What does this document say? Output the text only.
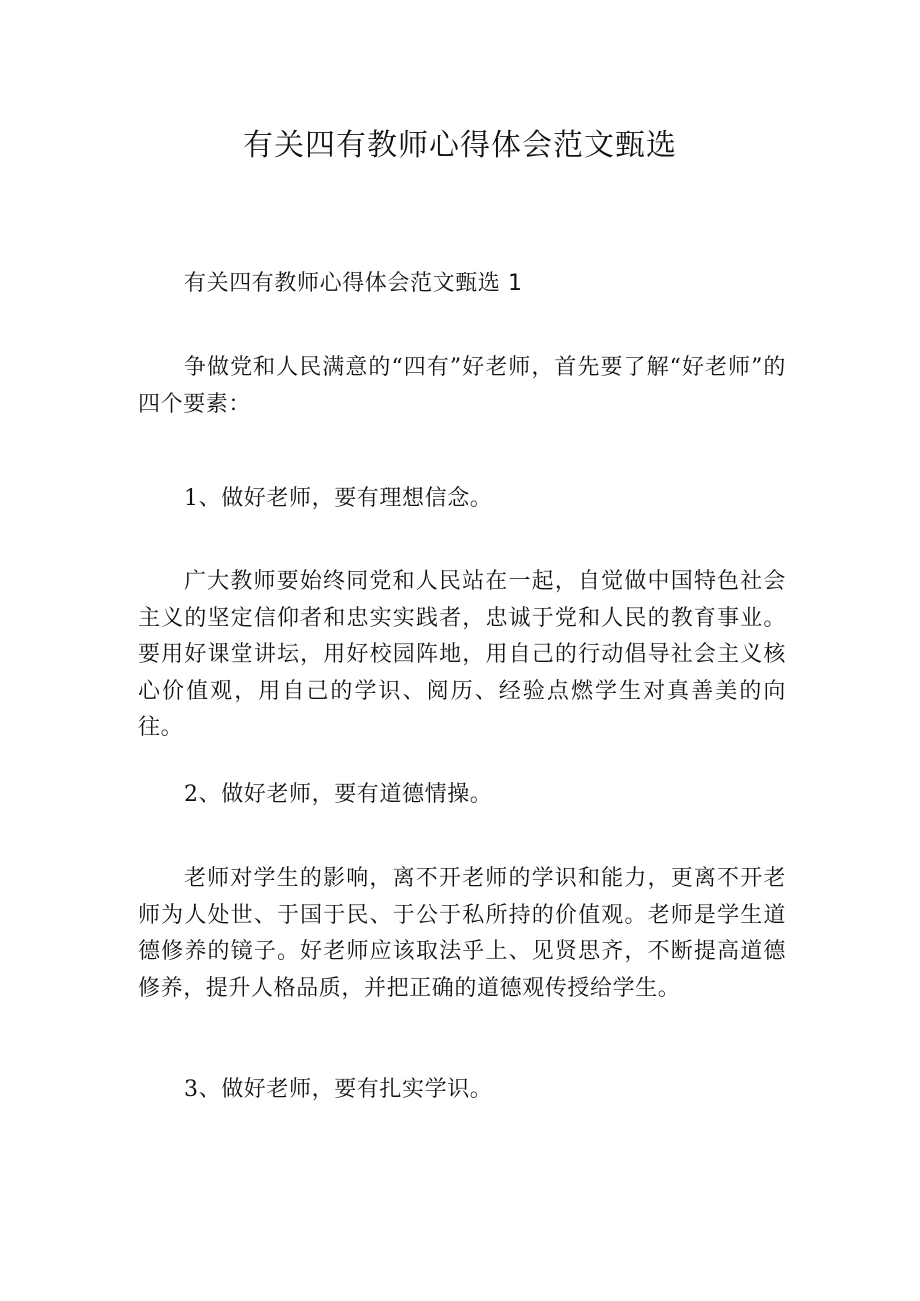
有关四有教师心得体会范文甄选

有关四有教师心得体会范文甄选 1

争做党和人民满意的“四有”好老师，首先要了解“好老师”的四个要素：

1、做好老师，要有理想信念。

广大教师要始终同党和人民站在一起，自觉做中国特色社会主义的坚定信仰者和忠实实践者，忠诚于党和人民的教育事业。要用好课堂讲坛，用好校园阵地，用自己的行动倡导社会主义核心价值观，用自己的学识、阅历、经验点燃学生对真善美的向往。

2、做好老师，要有道德情操。

老师对学生的影响，离不开老师的学识和能力，更离不开老师为人处世、于国于民、于公于私所持的价值观。老师是学生道德修养的镜子。好老师应该取法乎上、见贤思齐，不断提高道德修养，提升人格品质，并把正确的道德观传授给学生。

3、做好老师，要有扎实学识。
